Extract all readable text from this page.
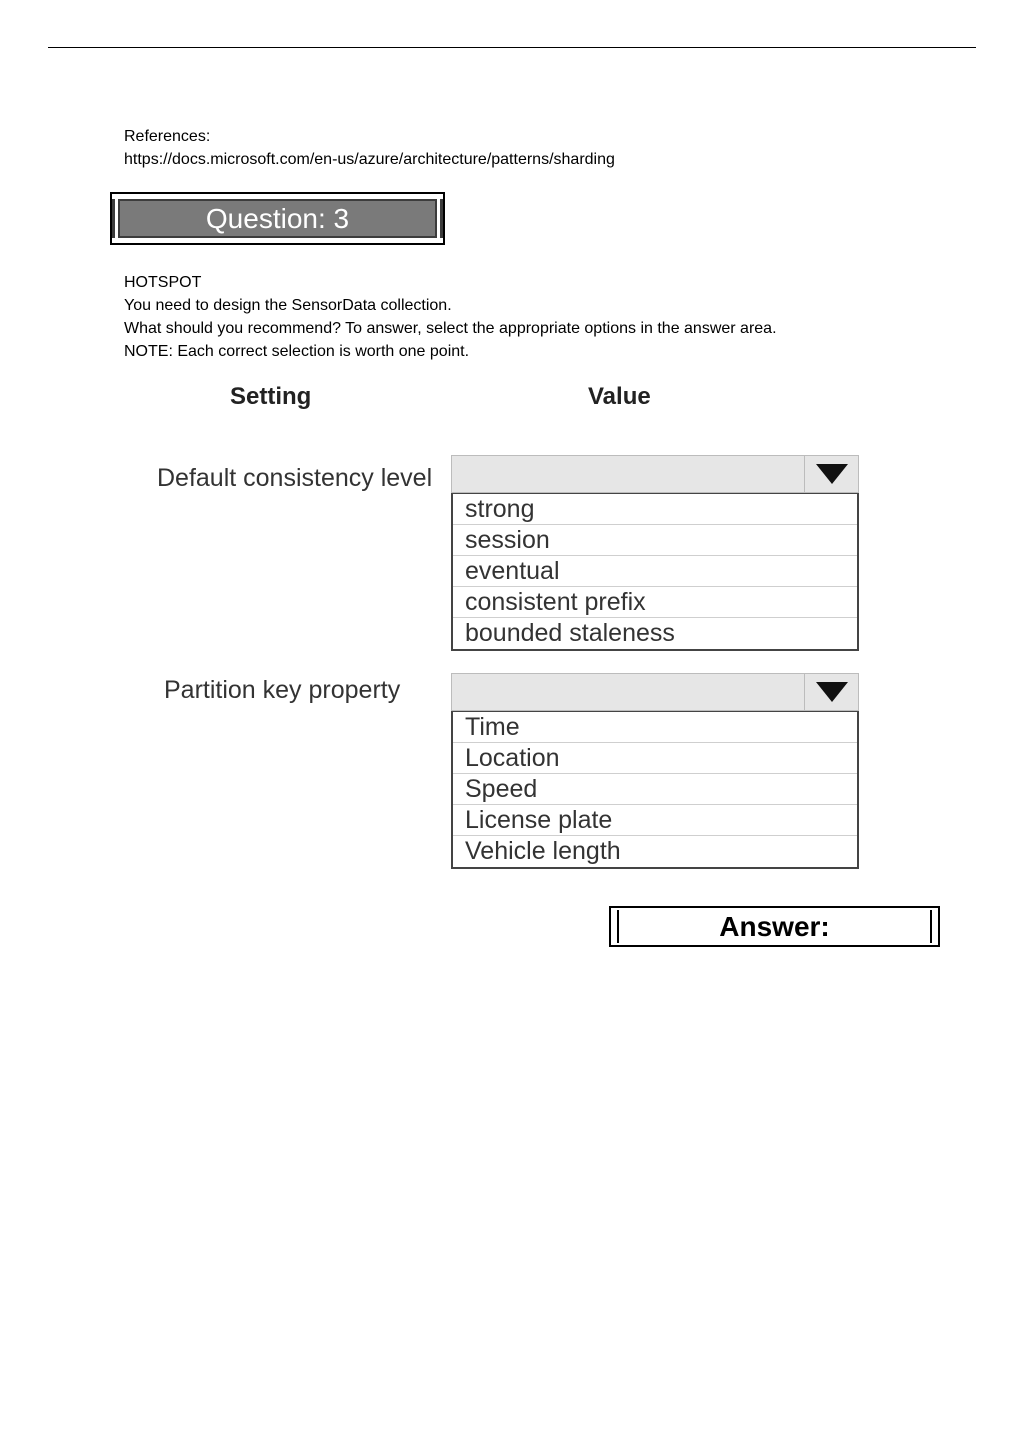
References:
https://docs.microsoft.com/en-us/azure/architecture/patterns/sharding
Question: 3
HOTSPOT
You need to design the SensorData collection.
What should you recommend? To answer, select the appropriate options in the answer area.
NOTE: Each correct selection is worth one point.
Setting	Value
Default consistency level
strong
session
eventual
consistent prefix
bounded staleness
Partition key property
Time
Location
Speed
License plate
Vehicle length
Answer:
